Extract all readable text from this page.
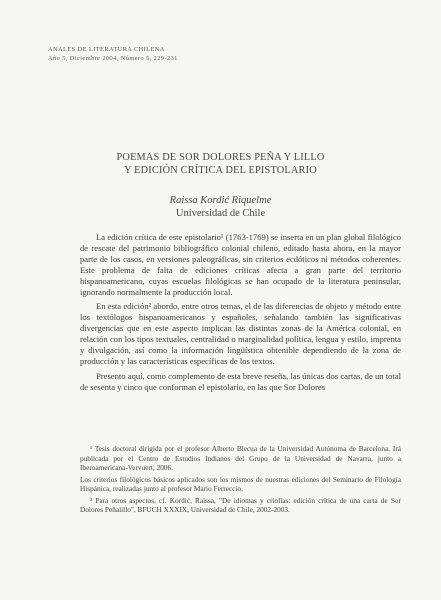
ANALES DE LITERATURA CHILENA
Año 5, Diciembre 2004, Número 5, 229-231
POEMAS DE SOR DOLORES PEÑA Y LILLO
Y EDICIÓN CRÍTICA DEL EPISTOLARIO
Raissa Kordić Riquelme
Universidad de Chile

La edición crítica de este epistolario¹ (1763-1769) se inserta en un plan global filológico de rescate del patrimonio bibliográfico colonial chileno, editado hasta ahora, en la mayor parte de los casos, en versiones paleográficas, sin criterios ecdóticos ni métodos coherentes. Este problema de falta de ediciones críticas afecta a gran parte del territorio hispanoamericano, cuyas escuelas filológicas se han ocupado de la literatura peninsular, ignorando normalmente la producción local.

En esta edición² abordo, entre otros temas, el de las diferencias de objeto y método entre los textólogos hispanoamericanos y españoles, señalando también las significativas divergencias que en este aspecto implican las distintas zonas de la América colonial, en relación con los tipos textuales, centralidad o marginalidad política, lengua y estilo, imprenta y divulgación, así como la información lingüística obtenible dependiendo de la zona de producción y las características específicas de los textos.

Presento aquí, como complemento de esta breve reseña, las únicas dos cartas, de un total de sesenta y cinco que conforman el epistolario, en las que Sor Dolores

¹ Tesis doctoral dirigida por el profesor Alberto Blecua de la Universidad Autónoma de Barcelona. Irá publicada por el Centro de Estudios Indianos del Grupo de la Universidad de Navarra, junto a Iberoamericana-Vervuert, 2006.
Los criterios filológicos básicos aplicados son los mismos de nuestras ediciones del Seminario de Filología Hispánica, realizadas junto al profesor Mario Ferreccio.
² Para otros aspectos, cf. Kordić, Raissa, "De idiomas y criollas: edición crítica de una carta de Sor Dolores Peñalillo", BFUCH XXXIX, Universidad de Chile, 2002-2003.
